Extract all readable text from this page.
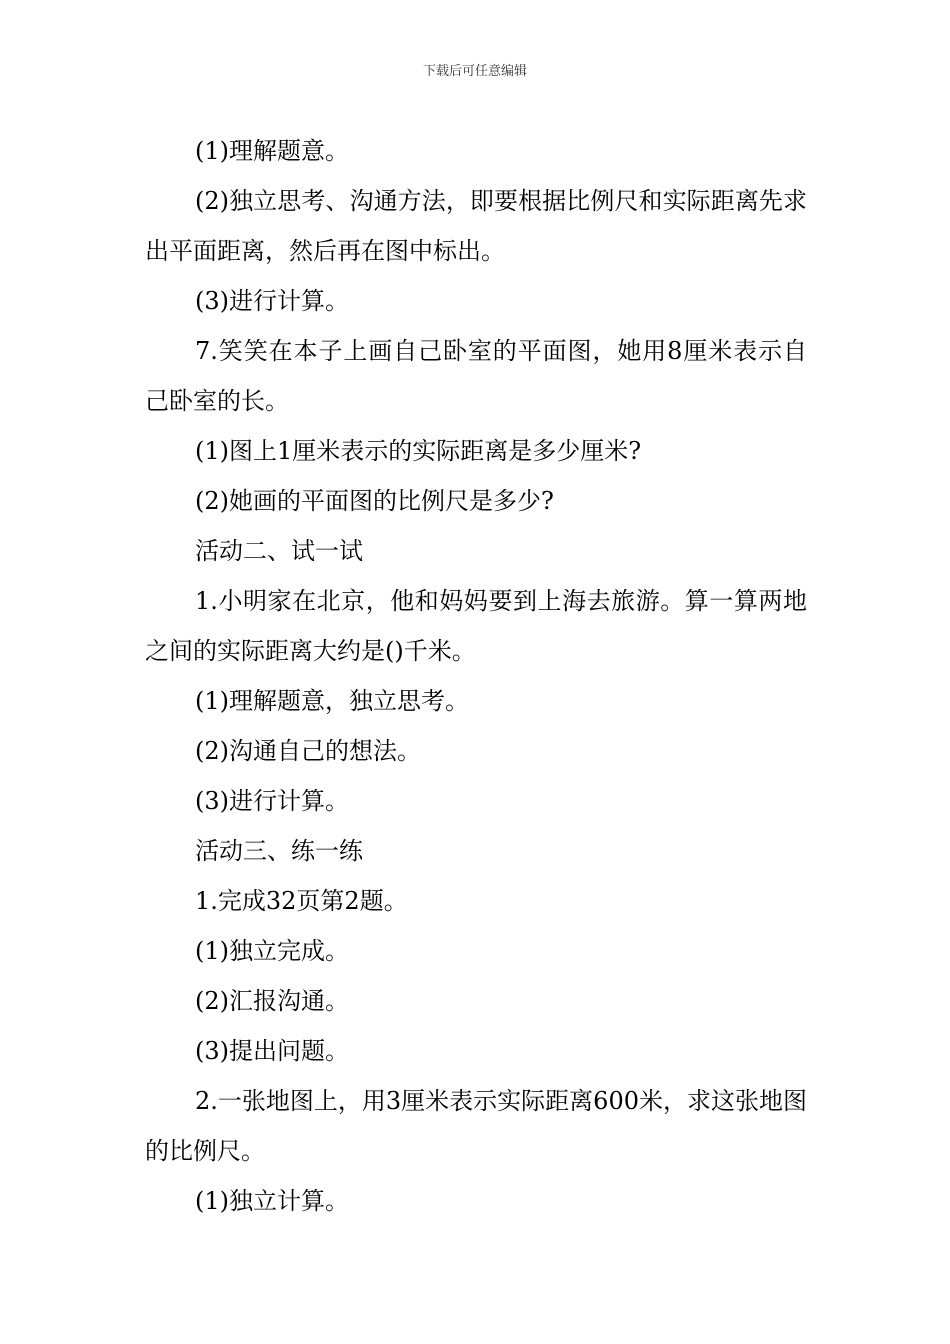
下载后可任意编辑

(1)理解题意。

(2)独立思考、沟通方法，即要根据比例尺和实际距离先求出平面距离，然后再在图中标出。

(3)进行计算。

7.笑笑在本子上画自己卧室的平面图，她用8厘米表示自己卧室的长。

(1)图上1厘米表示的实际距离是多少厘米?

(2)她画的平面图的比例尺是多少?

活动二、试一试

1.小明家在北京，他和妈妈要到上海去旅游。算一算两地之间的实际距离大约是()千米。

(1)理解题意，独立思考。

(2)沟通自己的想法。

(3)进行计算。

活动三、练一练

1.完成32页第2题。

(1)独立完成。

(2)汇报沟通。

(3)提出问题。

2.一张地图上，用3厘米表示实际距离600米，求这张地图的比例尺。

(1)独立计算。
